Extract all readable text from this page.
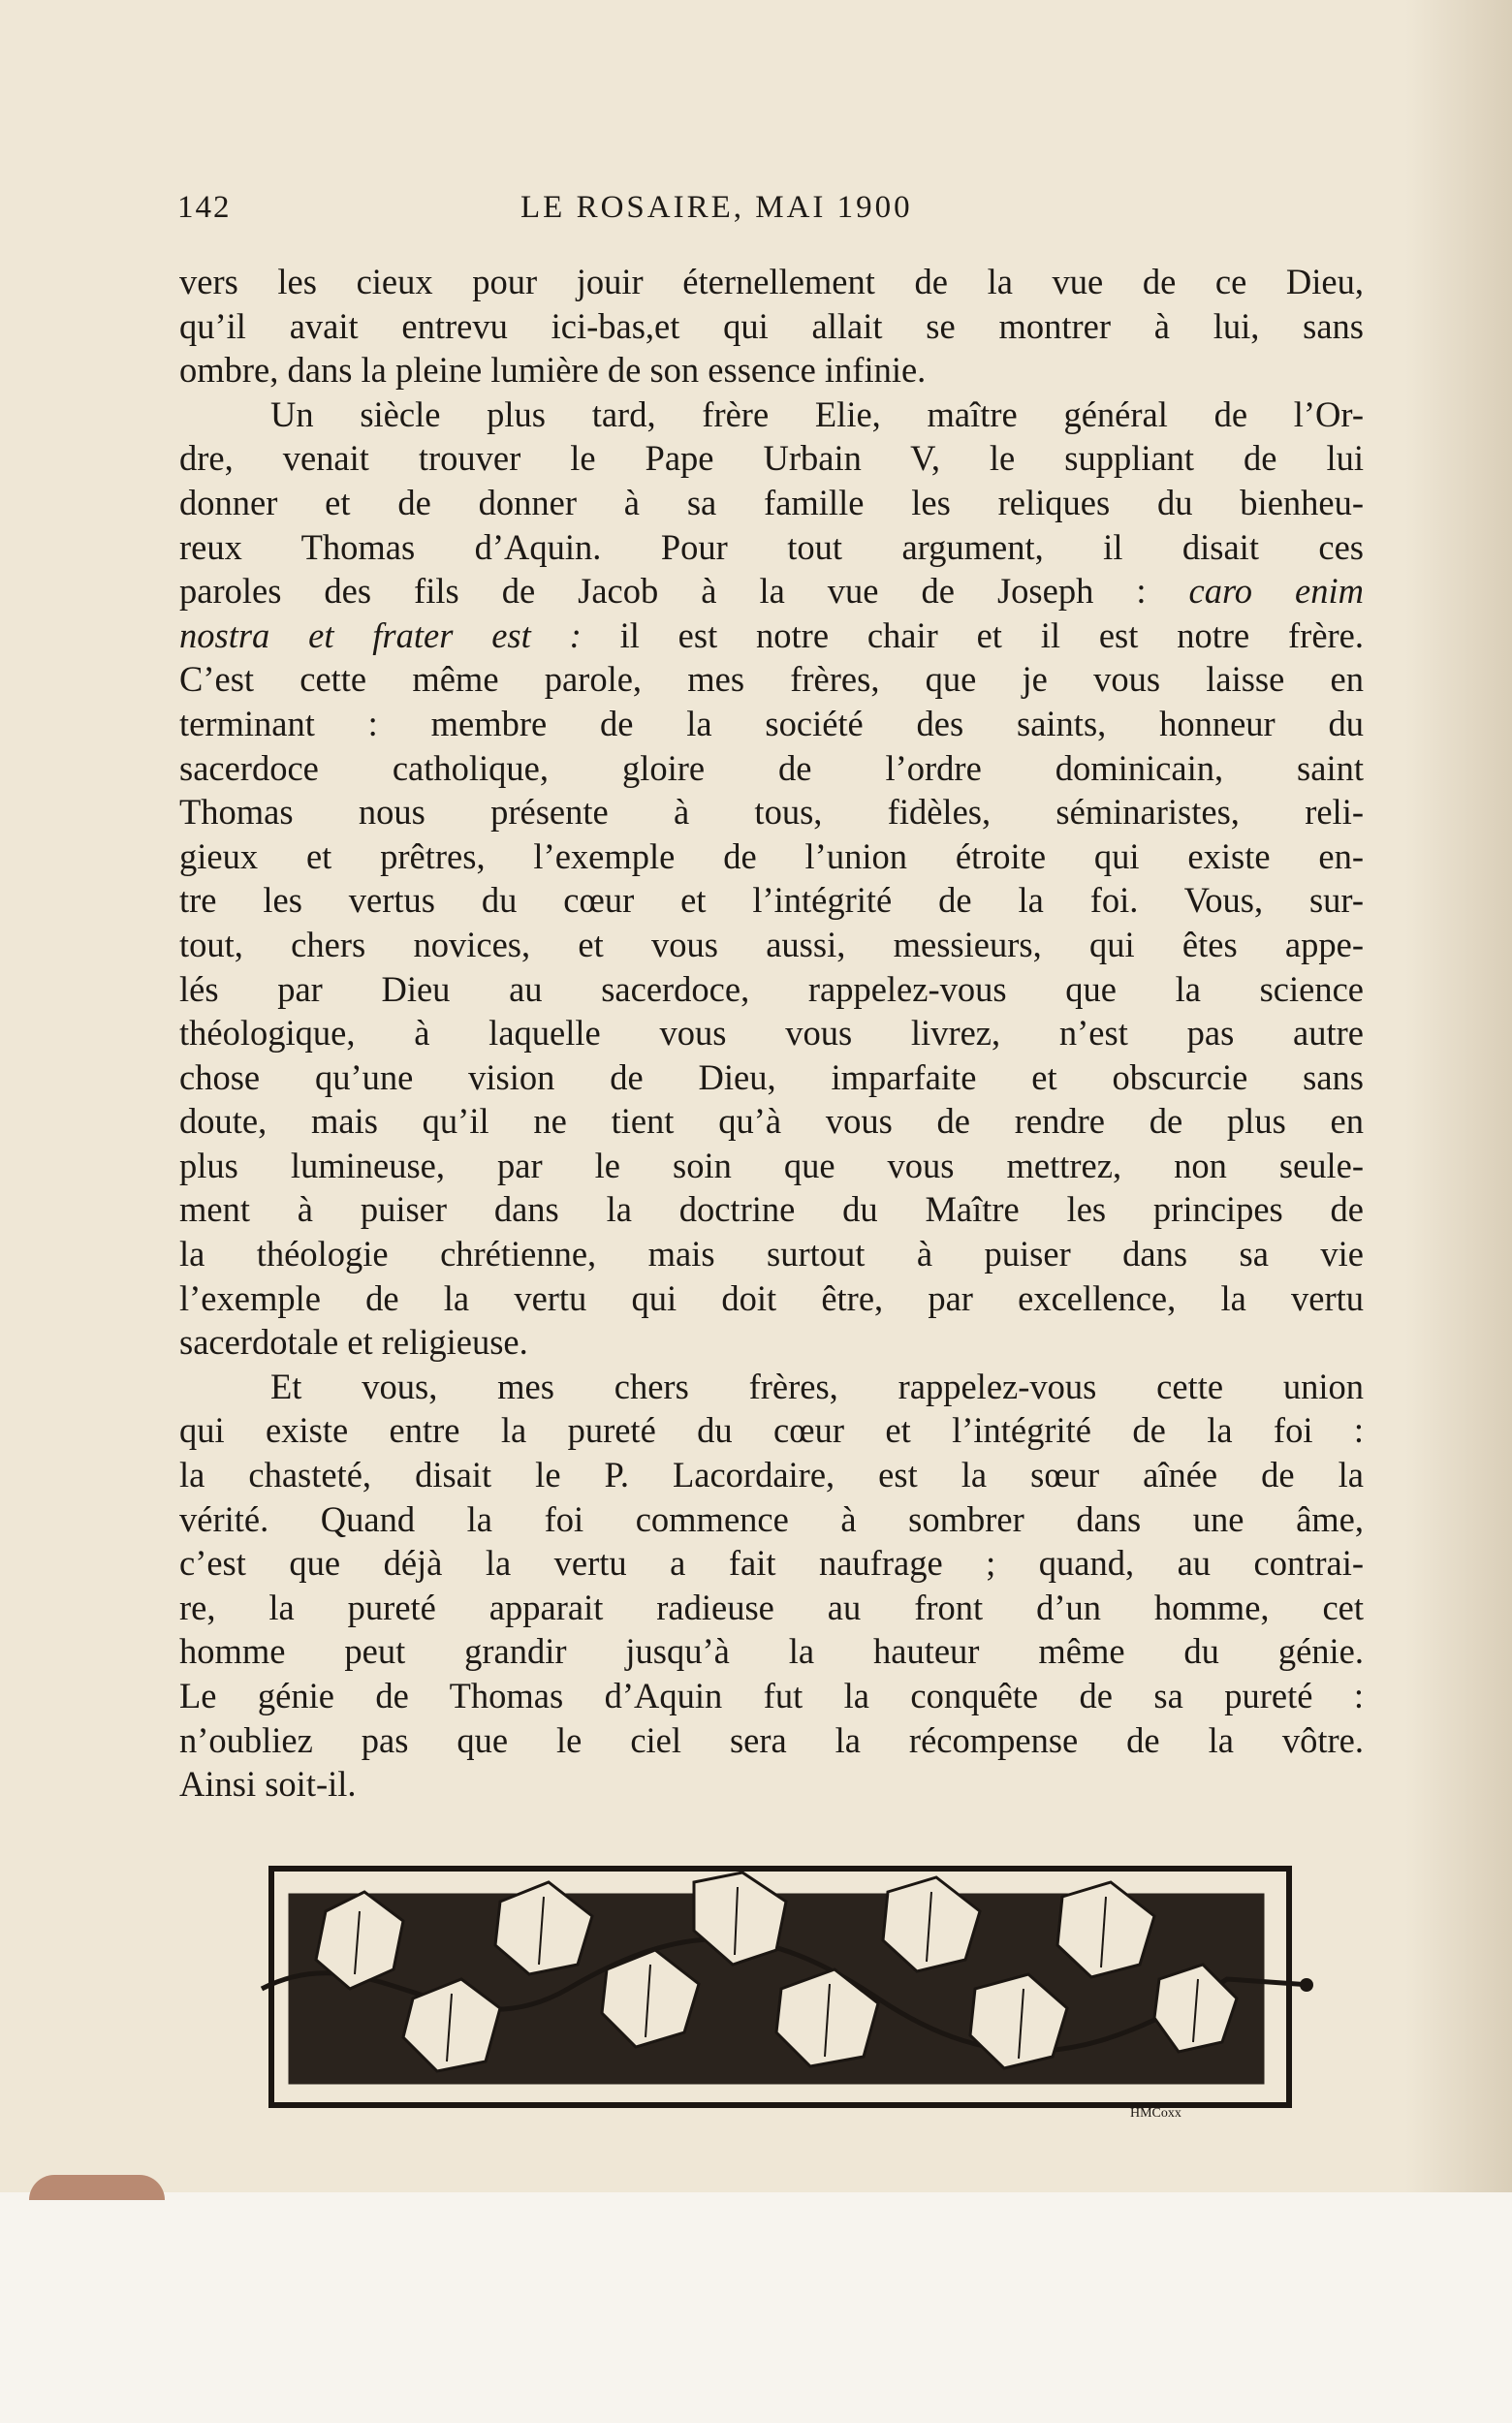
142	LE ROSAIRE, MAI 1900
vers les cieux pour jouir éternellement de la vue de ce Dieu,
qu’il avait entrevu ici-bas,et qui allait se montrer à lui, sans
ombre, dans la pleine lumière de son essence infinie.
Un siècle plus tard, frère Elie, maître général de l’Or-
dre, venait trouver le Pape Urbain V, le suppliant de lui
donner et de donner à sa famille les reliques du bienheu-
reux Thomas d’Aquin. Pour tout argument, il disait ces
paroles des fils de Jacob à la vue de Joseph : caro enim
nostra et frater est : il est notre chair et il est notre frère.
C’est cette même parole, mes frères, que je vous laisse en
terminant : membre de la société des saints, honneur du
sacerdoce catholique, gloire de l’ordre dominicain, saint
Thomas nous présente à tous, fidèles, séminaristes, reli-
gieux et prêtres, l’exemple de l’union étroite qui existe en-
tre les vertus du cœur et l’intégrité de la foi. Vous, sur-
tout, chers novices, et vous aussi, messieurs, qui êtes appe-
lés par Dieu au sacerdoce, rappelez-vous que la science
théologique, à laquelle vous vous livrez, n’est pas autre
chose qu’une vision de Dieu, imparfaite et obscurcie sans
doute, mais qu’il ne tient qu’à vous de rendre de plus en
plus lumineuse, par le soin que vous mettrez, non seule-
ment à puiser dans la doctrine du Maître les principes de
la théologie chrétienne, mais surtout à puiser dans sa vie
l’exemple de la vertu qui doit être, par excellence, la vertu
sacerdotale et religieuse.
Et vous, mes chers frères, rappelez-vous cette union
qui existe entre la pureté du cœur et l’intégrité de la foi :
la chasteté, disait le P. Lacordaire, est la sœur aînée de la
vérité. Quand la foi commence à sombrer dans une âme,
c’est que déjà la vertu a fait naufrage ; quand, au contrai-
re, la pureté apparait radieuse au front d’un homme, cet
homme peut grandir jusqu’à la hauteur même du génie.
Le génie de Thomas d’Aquin fut la conquête de sa pureté :
n’oubliez pas que le ciel sera la récompense de la vôtre.
Ainsi soit-il.
HMCoxx
